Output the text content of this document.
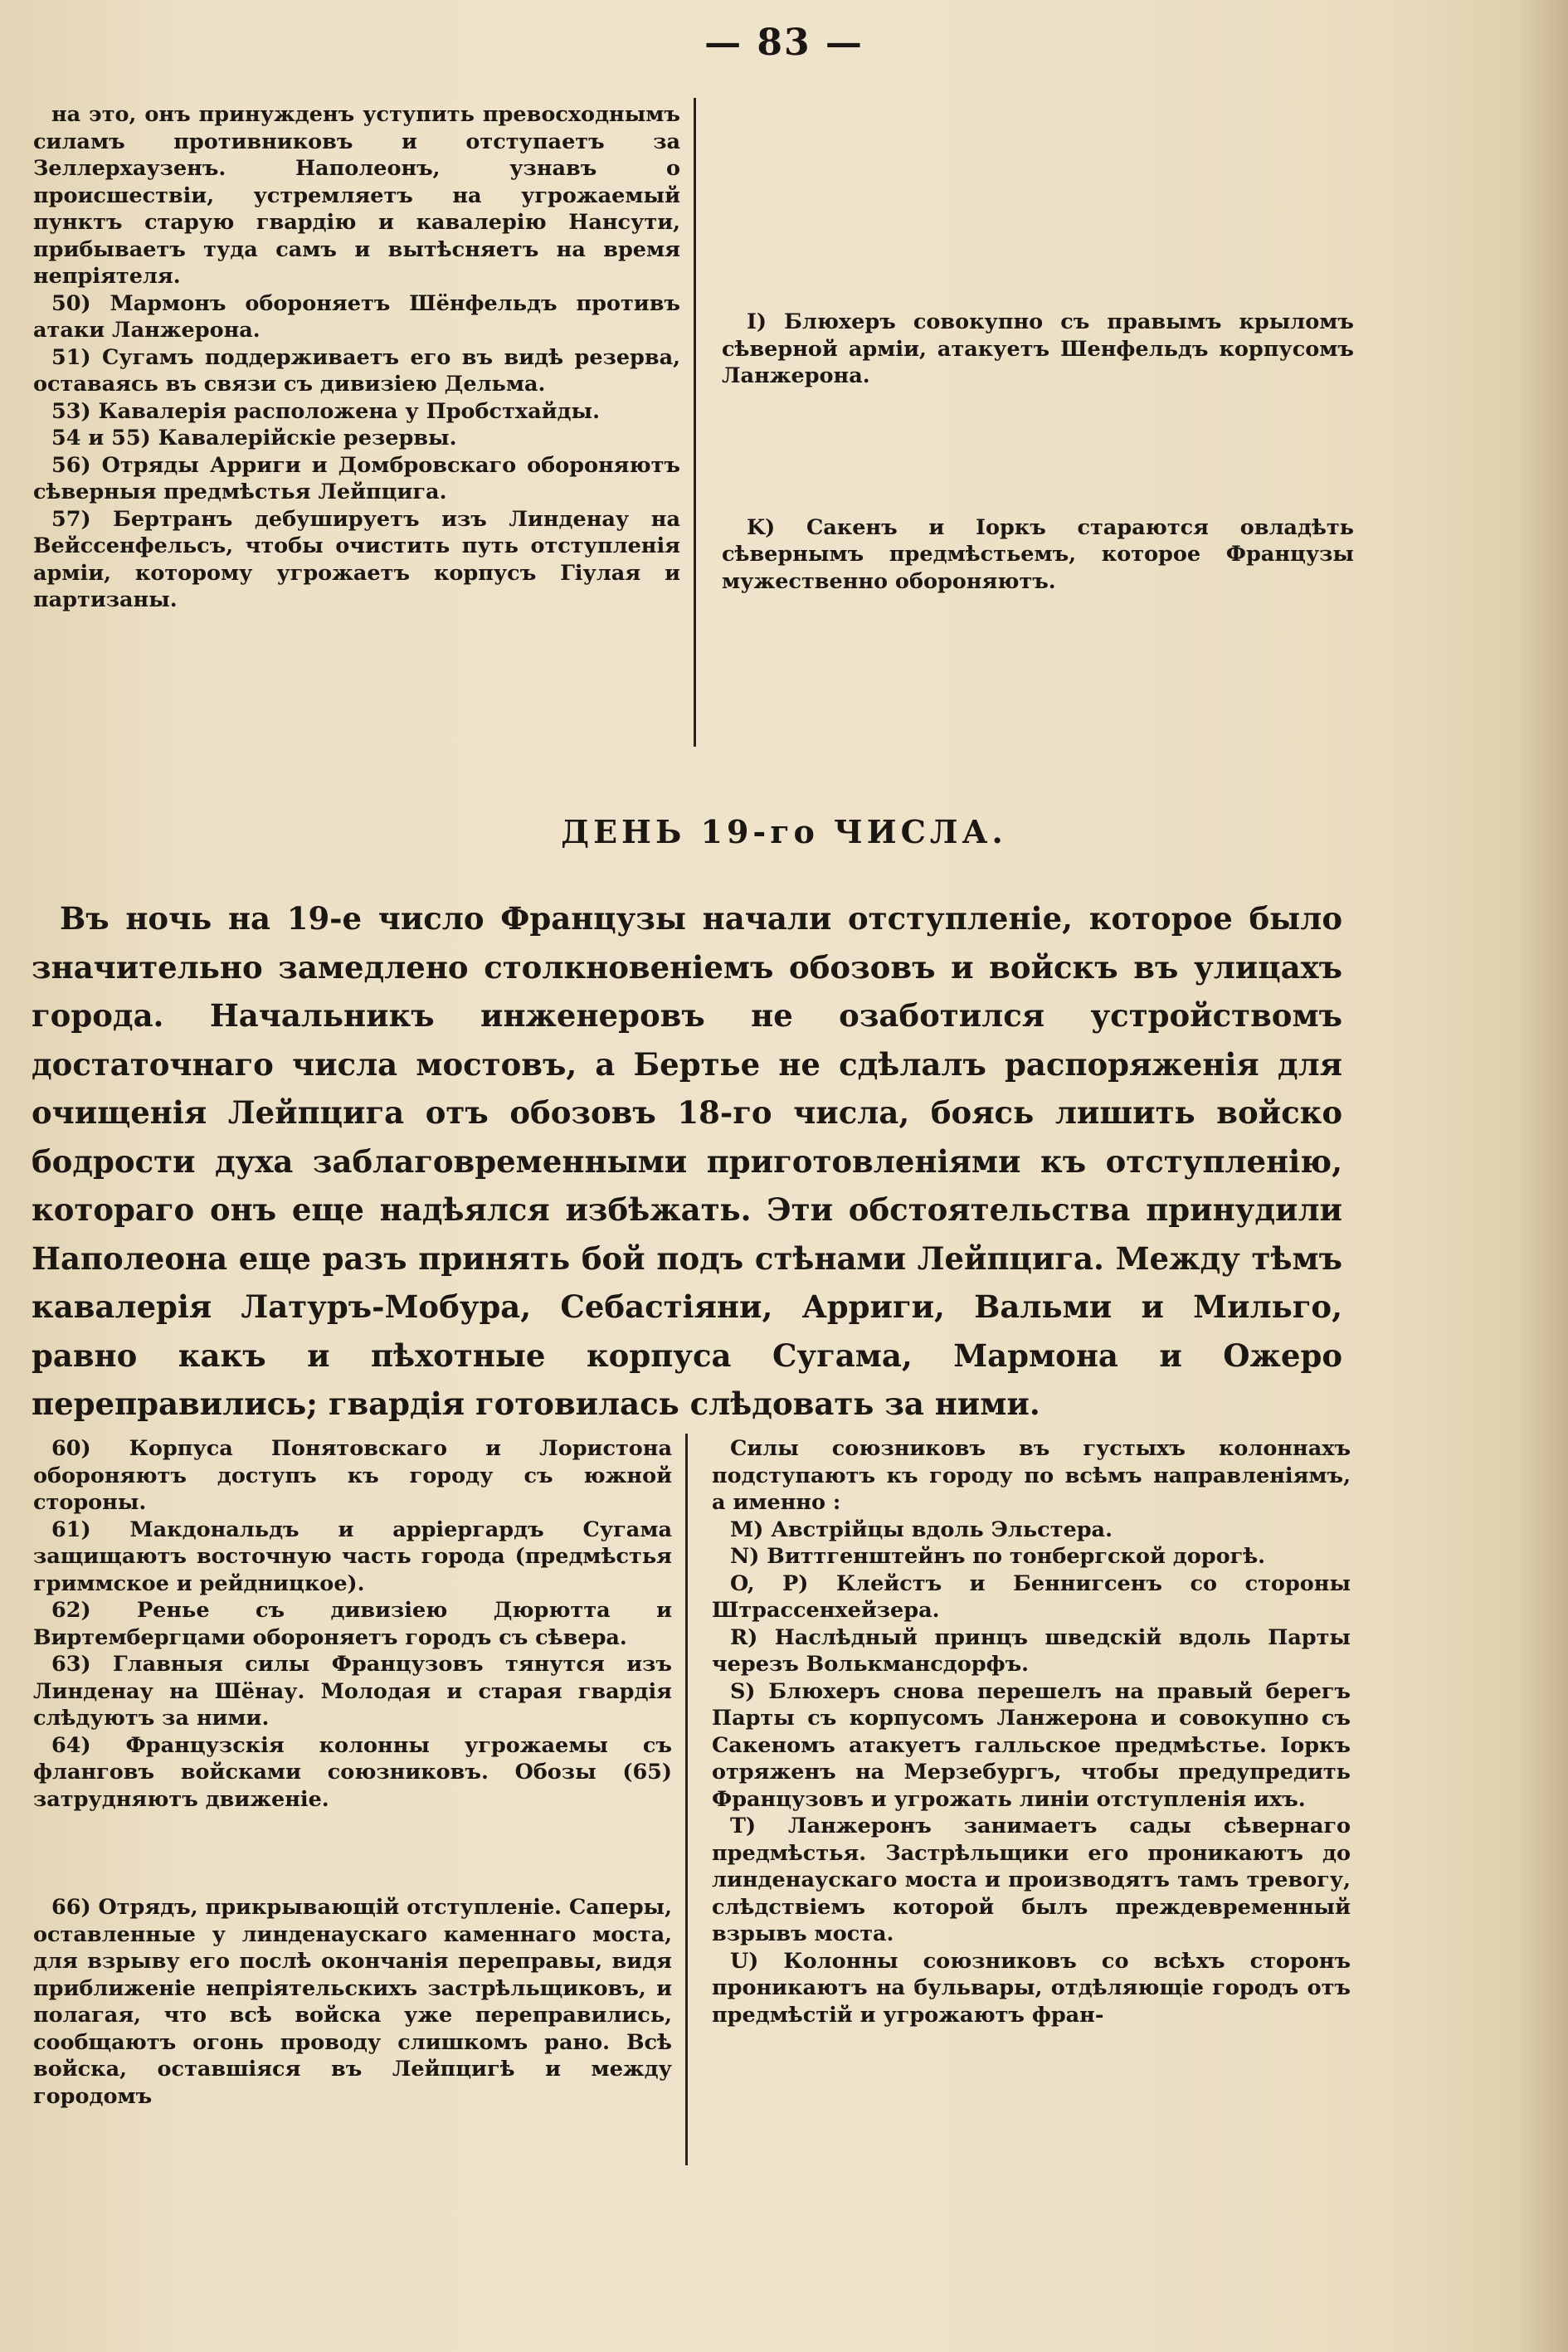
— 83 —

на это, онъ принужденъ уступить превосходнымъ силамъ противниковъ и отступаетъ за Зеллерхаузенъ. Наполеонъ, узнавъ о происшествіи, устремляетъ на угрожаемый пунктъ старую гвардію и кавалерію Нансути, прибываетъ туда самъ и вытѣсняетъ на время непріятеля.

50) Мармонъ обороняетъ Шёнфельдъ противъ атаки Ланжерона.

51) Сугамъ поддерживаетъ его въ видѣ резерва, оставаясь въ связи съ дивизіею Дельма.

53) Кавалерія расположена у Пробстхайды.

54 и 55) Кавалерійскіе резервы.

56) Отряды Арриги и Домбровскаго обороняютъ сѣверныя предмѣстья Лейпцига.

57) Бертранъ дебушируетъ изъ Линденау на Вейссенфельсъ, чтобы очистить путь отступленія арміи, которому угрожаетъ корпусъ Гіулая и партизаны.

I) Блюхеръ совокупно съ правымъ крыломъ сѣверной арміи, атакуетъ Шенфельдъ корпусомъ Ланжерона.

K) Сакенъ и Іоркъ стараются овладѣть сѣвернымъ предмѣстьемъ, которое Французы мужественно обороняютъ.

ДЕНЬ 19-го ЧИСЛА.

Въ ночь на 19-е число Французы начали отступленіе, которое было значительно замедлено столкновеніемъ обозовъ и войскъ въ улицахъ города. Начальникъ инженеровъ не озаботился устройствомъ достаточнаго числа мостовъ, а Бертье не сдѣлалъ распоряженія для очищенія Лейпцига отъ обозовъ 18-го числа, боясь лишить войско бодрости духа заблаговременными приготовленіями къ отступленію, котораго онъ еще надѣялся избѣжать. Эти обстоятельства принудили Наполеона еще разъ принять бой подъ стѣнами Лейпцига. Между тѣмъ кавалерія Латуръ-Мобура, Себастіяни, Арриги, Вальми и Мильго, равно какъ и пѣхотные корпуса Сугама, Мармона и Ожеро переправились; гвардія готовилась слѣдовать за ними.

60) Корпуса Понятовскаго и Лористона обороняютъ доступъ къ городу съ южной стороны.

61) Макдональдъ и арріергардъ Сугама защищаютъ восточную часть города (предмѣстья гриммское и рейдницкое).

62) Ренье съ дивизіею Дюрютта и Виртембергцами обороняетъ городъ съ сѣвера.

63) Главныя силы Французовъ тянутся изъ Линденау на Шёнау. Молодая и старая гвардія слѣдуютъ за ними.

64) Французскія колонны угрожаемы съ фланговъ войсками союзниковъ. Обозы (65) затрудняютъ движеніе.

66) Отрядъ, прикрывающій отступленіе. Саперы, оставленные у линденаускаго каменнаго моста, для взрыву его послѣ окончанія переправы, видя приближеніе непріятельскихъ застрѣльщиковъ, и полагая, что всѣ войска уже переправились, сообщаютъ огонь проводу слишкомъ рано. Всѣ войска, оставшіяся въ Лейпцигѣ и между городомъ

Силы союзниковъ въ густыхъ колоннахъ подступаютъ къ городу по всѣмъ направленіямъ, а именно :

M) Австрійцы вдоль Эльстера.

N) Виттгенштейнъ по тонбергской дорогѣ.

O, P) Клейстъ и Беннигсенъ со стороны Штрассенхейзера.

R) Наслѣдный принцъ шведскій вдоль Парты черезъ Волькмансдорфъ.

S) Блюхеръ снова перешелъ на правый берегъ Парты съ корпусомъ Ланжерона и совокупно съ Сакеномъ атакуетъ галльское предмѣстье. Іоркъ отряженъ на Мерзебургъ, чтобы предупредить Французовъ и угрожать линіи отступленія ихъ.

T) Ланжеронъ занимаетъ сады сѣвернаго предмѣстья. Застрѣльщики его проникаютъ до линденаускаго моста и производятъ тамъ тревогу, слѣдствіемъ которой былъ преждевременный взрывъ моста.

U) Колонны союзниковъ со всѣхъ сторонъ проникаютъ на бульвары, отдѣляющіе городъ отъ предмѣстій и угрожаютъ фран-
